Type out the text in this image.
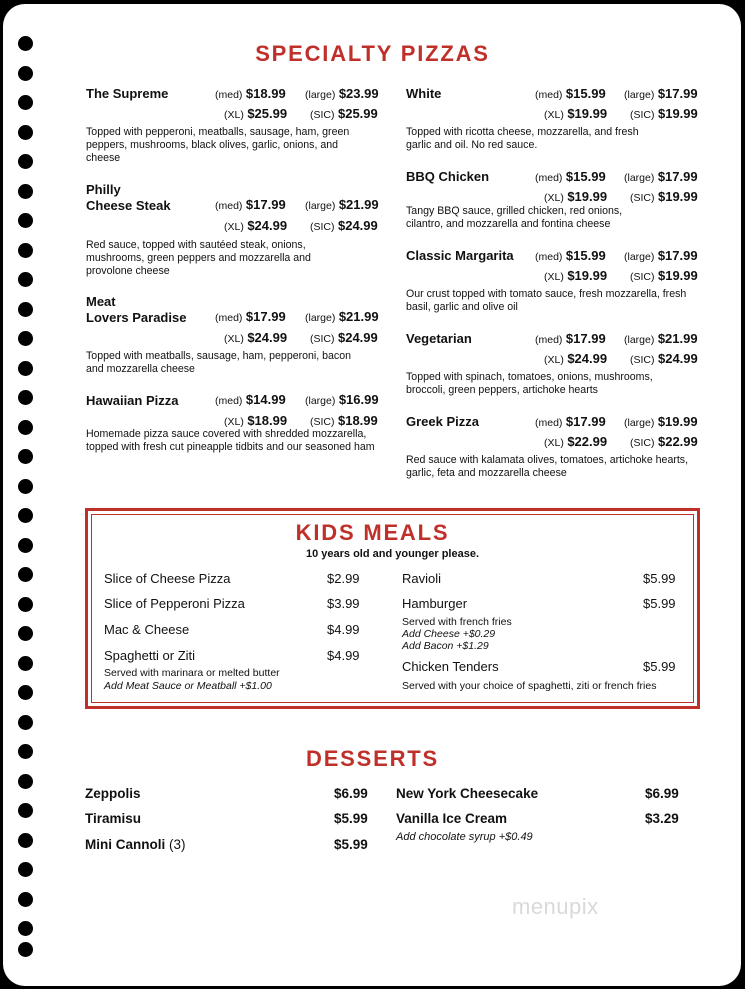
SPECIALTY PIZZAS
The Supreme	(med) $18.99 (large) $23.99
(XL) $25.99 (SIC) $25.99
Topped with pepperoni, meatballs, sausage, ham, green peppers, mushrooms, black olives, garlic, onions, and cheese
Philly
Cheese Steak	(med) $17.99 (large) $21.99
(XL) $24.99 (SIC) $24.99
Red sauce, topped with sautéed steak, onions, mushrooms, green peppers and mozzarella and provolone cheese
Meat
Lovers Paradise	(med) $17.99 (large) $21.99
(XL) $24.99 (SIC) $24.99
Topped with meatballs, sausage, ham, pepperoni, bacon and mozzarella cheese
Hawaiian Pizza	(med) $14.99 (large) $16.99
(XL) $18.99 (SIC) $18.99
Homemade pizza sauce covered with shredded mozzarella, topped with fresh cut pineapple tidbits and our seasoned ham
White	(med) $15.99 (large) $17.99
(XL) $19.99 (SIC) $19.99
Topped with ricotta cheese, mozzarella, and fresh garlic and oil. No red sauce.
BBQ Chicken	(med) $15.99 (large) $17.99
(XL) $19.99 (SIC) $19.99
Tangy BBQ sauce, grilled chicken, red onions, cilantro, and mozzarella and fontina cheese
Classic Margarita (med) $15.99 (large) $17.99
(XL) $19.99 (SIC) $19.99
Our crust topped with tomato sauce, fresh mozzarella, fresh basil, garlic and olive oil
Vegetarian	(med) $17.99 (large) $21.99
(XL) $24.99 (SIC) $24.99
Topped with spinach, tomatoes, onions, mushrooms, broccoli, green peppers, artichoke hearts
Greek Pizza	(med) $17.99 (large) $19.99
(XL) $22.99 (SIC) $22.99
Red sauce with kalamata olives, tomatoes, artichoke hearts, garlic, feta and mozzarella cheese
KIDS MEALS
10 years old and younger please.
Slice of Cheese Pizza	$2.99
Slice of Pepperoni Pizza	$3.99
Mac & Cheese	$4.99
Spaghetti or Ziti	$4.99
Served with marinara or melted butter
Add Meat Sauce or Meatball +$1.00
Ravioli	$5.99
Hamburger	$5.99
Served with french fries
Add Cheese +$0.29
Add Bacon +$1.29
Chicken Tenders	$5.99
Served with your choice of spaghetti, ziti or french fries
DESSERTS
Zeppolis	$6.99
Tiramisu	$5.99
Mini Cannoli (3)	$5.99
New York Cheesecake	$6.99
Vanilla Ice Cream	$3.29
Add chocolate syrup +$0.49
menupix
